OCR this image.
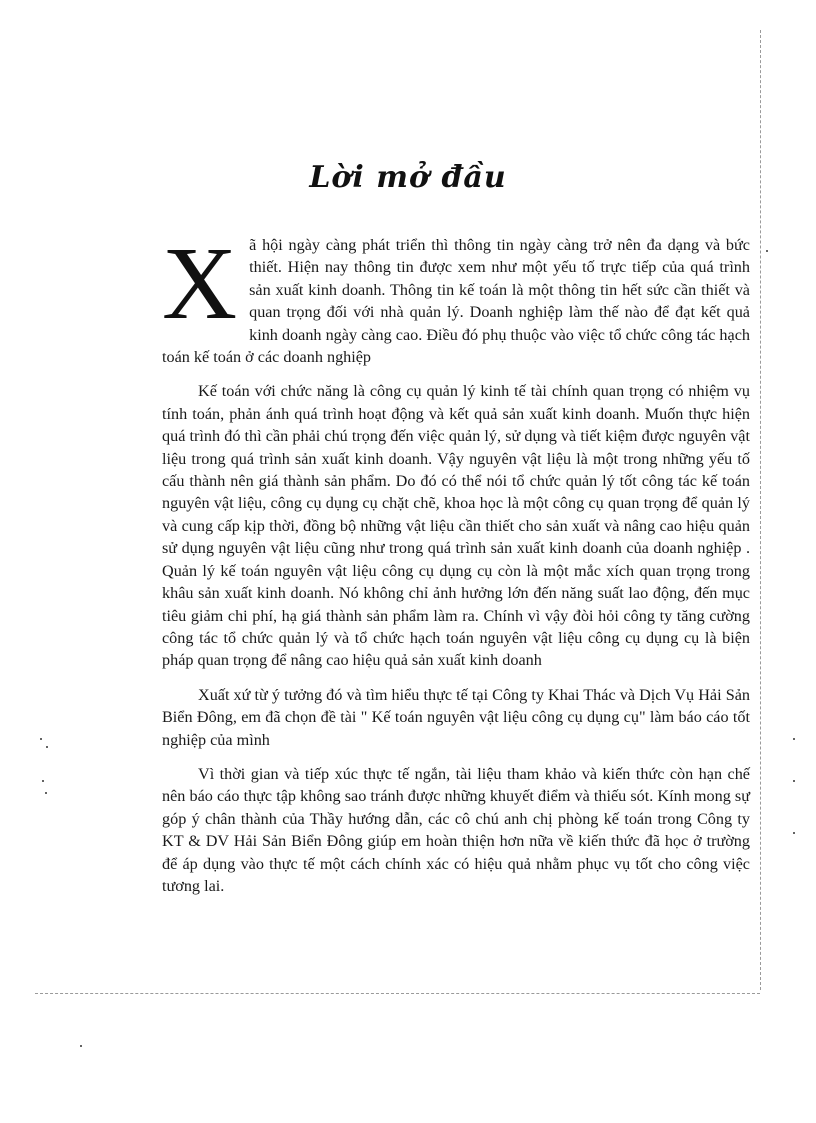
Lời mở đầu

Xã hội ngày càng phát triển thì thông tin ngày càng trở nên đa dạng và bức thiết. Hiện nay thông tin được xem như một yếu tố trực tiếp của quá trình sản xuất kinh doanh. Thông tin kế toán là một thông tin hết sức cần thiết và quan trọng đối với nhà quản lý. Doanh nghiệp làm thế nào để đạt kết quả kinh doanh ngày càng cao. Điều đó phụ thuộc vào việc tổ chức công tác hạch toán kế toán ở các doanh nghiệp

Kế toán với chức năng là công cụ quản lý kinh tế tài chính quan trọng có nhiệm vụ tính toán, phản ánh quá trình hoạt động và kết quả sản xuất kinh doanh. Muốn thực hiện quá trình đó thì cần phải chú trọng đến việc quản lý, sử dụng và tiết kiệm được nguyên vật liệu trong quá trình sản xuất kinh doanh. Vậy nguyên vật liệu là một trong những yếu tố cấu thành nên giá thành sản phẩm. Do đó có thể nói tổ chức quản lý tốt công tác kế toán nguyên vật liệu, công cụ dụng cụ chặt chẽ, khoa học là một công cụ quan trọng để quản lý và cung cấp kịp thời, đồng bộ những vật liệu cần thiết cho sản xuất và nâng cao hiệu quản sử dụng nguyên vật liệu cũng như trong quá trình sản xuất kinh doanh của doanh nghiệp . Quản lý kế toán nguyên vật liệu công cụ dụng cụ còn là một mắc xích quan trọng trong khâu sản xuất kinh doanh. Nó không chỉ ảnh hưởng lớn đến năng suất lao động, đến mục tiêu giảm chi phí, hạ giá thành sản phẩm làm ra. Chính vì vậy đòi hỏi công ty tăng cường công tác tổ chức quản lý và tổ chức hạch toán nguyên vật liệu công cụ dụng cụ là biện pháp quan trọng để nâng cao hiệu quả sản xuất kinh doanh

Xuất xứ từ ý tưởng đó và tìm hiểu thực tế tại Công ty Khai Thác và Dịch Vụ Hải Sản Biển Đông, em đã chọn đề tài " Kế toán nguyên vật liệu công cụ dụng cụ" làm báo cáo tốt nghiệp của mình

Vì thời gian và tiếp xúc thực tế ngắn, tài liệu tham khảo và kiến thức còn hạn chế nên báo cáo thực tập không sao tránh được những khuyết điểm và thiếu sót. Kính mong sự góp ý chân thành của Thầy hướng dẫn, các cô chú anh chị phòng kế toán trong Công ty KT & DV Hải Sản Biển Đông giúp em hoàn thiện hơn nữa về kiến thức đã học ở trường để áp dụng vào thực tế một cách chính xác có hiệu quả nhằm phục vụ tốt cho công việc tương lai.
